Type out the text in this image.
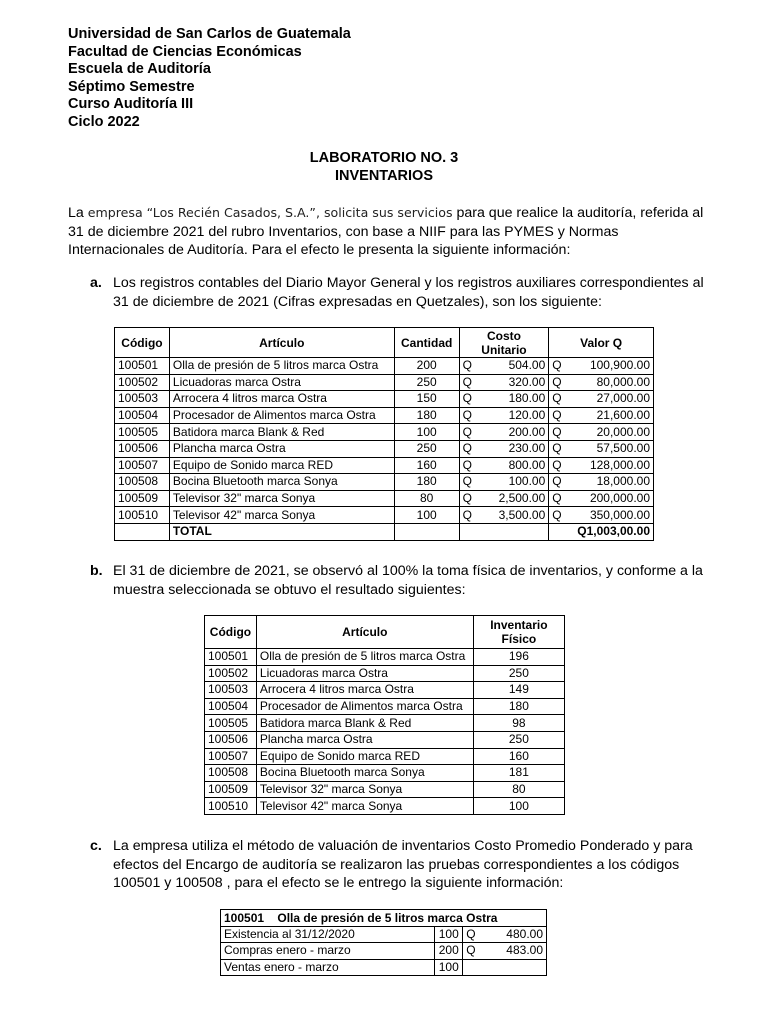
Universidad de San Carlos de Guatemala
Facultad de Ciencias Económicas
Escuela de Auditoría
Séptimo Semestre
Curso Auditoría III
Ciclo 2022
LABORATORIO NO. 3
INVENTARIOS
La empresa “Los Recién Casados, S.A.”, solicita sus servicios para que realice la auditoría, referida al 31 de diciembre 2021 del rubro Inventarios, con base a NIIF para las PYMES y Normas Internacionales de Auditoría. Para el efecto le presenta la siguiente información:
a. Los registros contables del Diario Mayor General y los registros auxiliares correspondientes al 31 de diciembre de 2021 (Cifras expresadas en Quetzales), son los siguiente:
Código	Artículo	Cantidad	Costo Unitario		Valor Q	
100501	Olla de presión de 5 litros marca Ostra	200	Q	504.00	Q	100,900.00
100502	Licuadoras marca Ostra	250	Q	320.00	Q	80,000.00
100503	Arrocera 4 litros marca Ostra	150	Q	180.00	Q	27,000.00
100504	Procesador de Alimentos marca Ostra	180	Q	120.00	Q	21,600.00
100505	Batidora marca Blank & Red	100	Q	200.00	Q	20,000.00
100506	Plancha marca Ostra	250	Q	230.00	Q	57,500.00
100507	Equipo de Sonido marca RED	160	Q	800.00	Q	128,000.00
100508	Bocina Bluetooth marca Sonya	180	Q	100.00	Q	18,000.00
100509	Televisor 32" marca Sonya	80	Q	2,500.00	Q	200,000.00
100510	Televisor 42" marca Sonya	100	Q	3,500.00	Q	350,000.00
	TOTAL				Q1,003,00.00	
b. El 31 de diciembre de 2021, se observó al 100% la toma física de inventarios, y conforme a la muestra seleccionada se obtuvo el resultado siguientes:
Código	Artículo	Inventario Físico
100501	Olla de presión de 5 litros marca Ostra	196
100502	Licuadoras marca Ostra	250
100503	Arrocera 4 litros marca Ostra	149
100504	Procesador de Alimentos marca Ostra	180
100505	Batidora marca Blank & Red	98
100506	Plancha marca Ostra	250
100507	Equipo de Sonido marca RED	160
100508	Bocina Bluetooth marca Sonya	181
100509	Televisor 32" marca Sonya	80
100510	Televisor 42" marca Sonya	100
c. La empresa utiliza el método de valuación de inventarios Costo Promedio Ponderado y para efectos del Encargo de auditoría se realizaron las pruebas correspondientes a los códigos 100501 y 100508 , para el efecto se le entrego la siguiente información:
100501    Olla de presión de 5 litros marca Ostra			
Existencia al 31/12/2020	100	Q	480.00
Compras enero - marzo	200	Q	483.00
Ventas enero - marzo	100		
